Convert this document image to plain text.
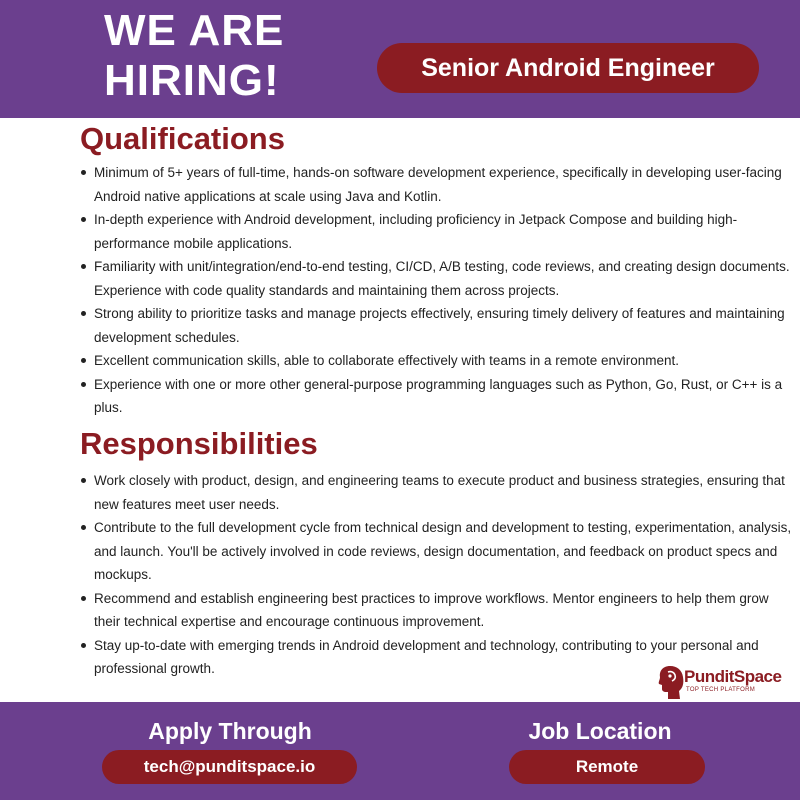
WE ARE
HIRING!	Senior Android Engineer
Qualifications
Minimum of 5+ years of full-time, hands-on software development experience, specifically in developing user-facing Android native applications at scale using Java and Kotlin.
In-depth experience with Android development, including proficiency in Jetpack Compose and building high-performance mobile applications.
Familiarity with unit/integration/end-to-end testing, CI/CD, A/B testing, code reviews, and creating design documents. Experience with code quality standards and maintaining them across projects.
Strong ability to prioritize tasks and manage projects effectively, ensuring timely delivery of features and maintaining development schedules.
Excellent communication skills, able to collaborate effectively with teams in a remote environment.
Experience with one or more other general-purpose programming languages such as Python, Go, Rust, or C++ is a plus.
Responsibilities
Work closely with product, design, and engineering teams to execute product and business strategies, ensuring that new features meet user needs.
Contribute to the full development cycle from technical design and development to testing, experimentation, analysis, and launch. You'll be actively involved in code reviews, design documentation, and feedback on product specs and mockups.
Recommend and establish engineering best practices to improve workflows. Mentor engineers to help them grow their technical expertise and encourage continuous improvement.
Stay up-to-date with emerging trends in Android development and technology, contributing to your personal and professional growth.	PunditSpace
TOP TECH PLATFORM
Apply Through
tech@punditspace.io
Job Location
Remote
